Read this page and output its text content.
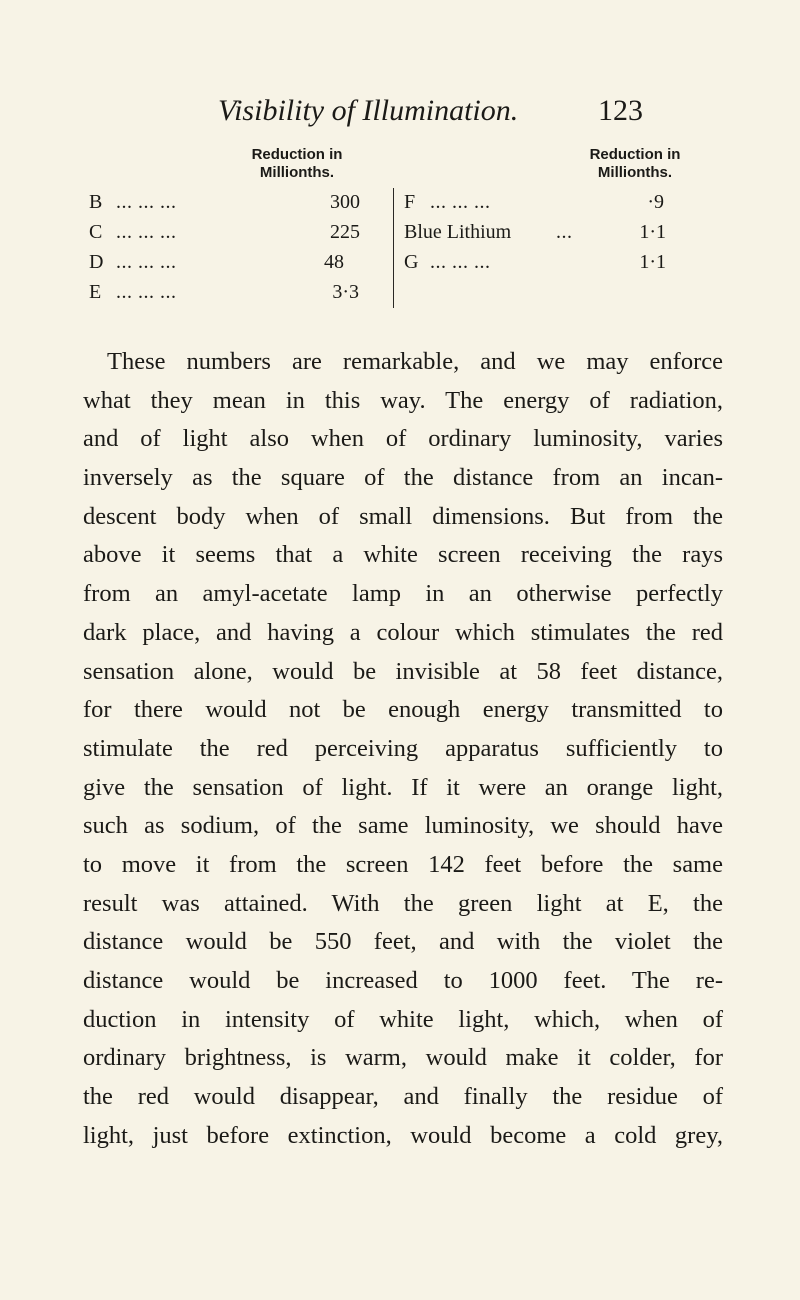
Visibility of Illumination.	123
Reduction in
Millionths.
Reduction in
Millionths.
B ... ... ...	300
C ... ... ...	225
D ... ... ...	48
E ... ... ...	3·3
F ... ... ...	·9
Blue Lithium ...	1·1
G ... ... ...	1·1
These numbers are remarkable, and we may enforce
what they mean in this way. The energy of radiation,
and of light also when of ordinary luminosity, varies
inversely as the square of the distance from an incan-
descent body when of small dimensions. But from the
above it seems that a white screen receiving the rays
from an amyl-acetate lamp in an otherwise perfectly
dark place, and having a colour which stimulates the red
sensation alone, would be invisible at 58 feet distance,
for there would not be enough energy transmitted to
stimulate the red perceiving apparatus sufficiently to
give the sensation of light. If it were an orange light,
such as sodium, of the same luminosity, we should have
to move it from the screen 142 feet before the same
result was attained. With the green light at E, the
distance would be 550 feet, and with the violet the
distance would be increased to 1000 feet. The re-
duction in intensity of white light, which, when of
ordinary brightness, is warm, would make it colder, for
the red would disappear, and finally the residue of
light, just before extinction, would become a cold grey,
